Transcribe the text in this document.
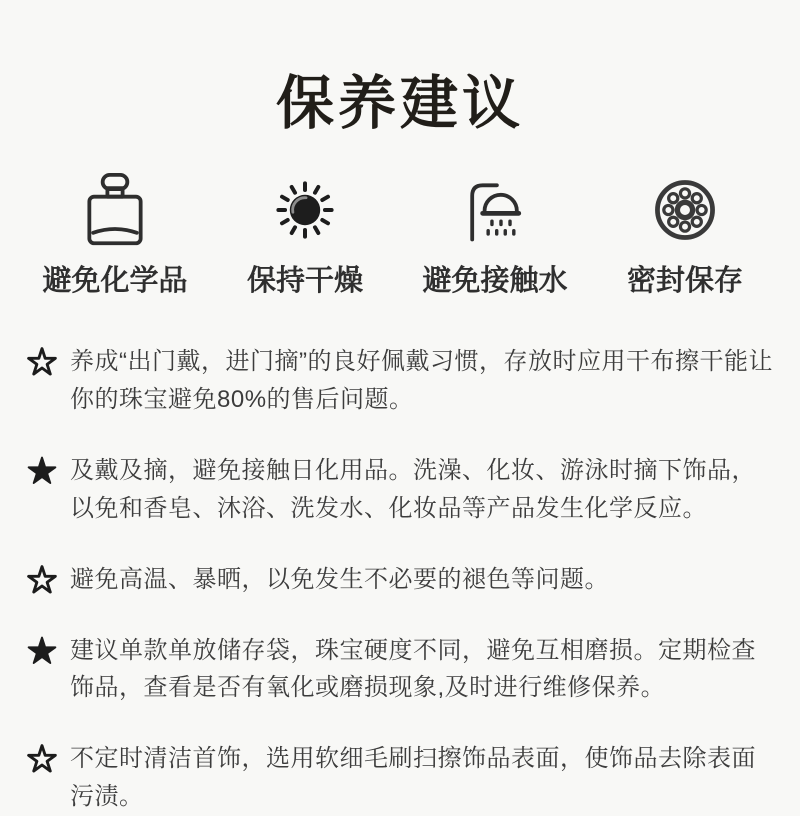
保养建议
避免化学品 保持干燥 避免接触水 密封保存

养成“出门戴，进门摘”的良好佩戴习惯，存放时应用干布擦干能让你的珠宝避免80%的售后问题。

及戴及摘，避免接触日化用品。洗澡、化妆、游泳时摘下饰品，以免和香皂、沐浴、洗发水、化妆品等产品发生化学反应。

避免高温、暴晒，以免发生不必要的褪色等问题。

建议单款单放储存袋，珠宝硬度不同，避免互相磨损。定期检查饰品，查看是否有氧化或磨损现象,及时进行维修保养。

不定时清洁首饰，选用软细毛刷扫擦饰品表面，使饰品去除表面污渍。
